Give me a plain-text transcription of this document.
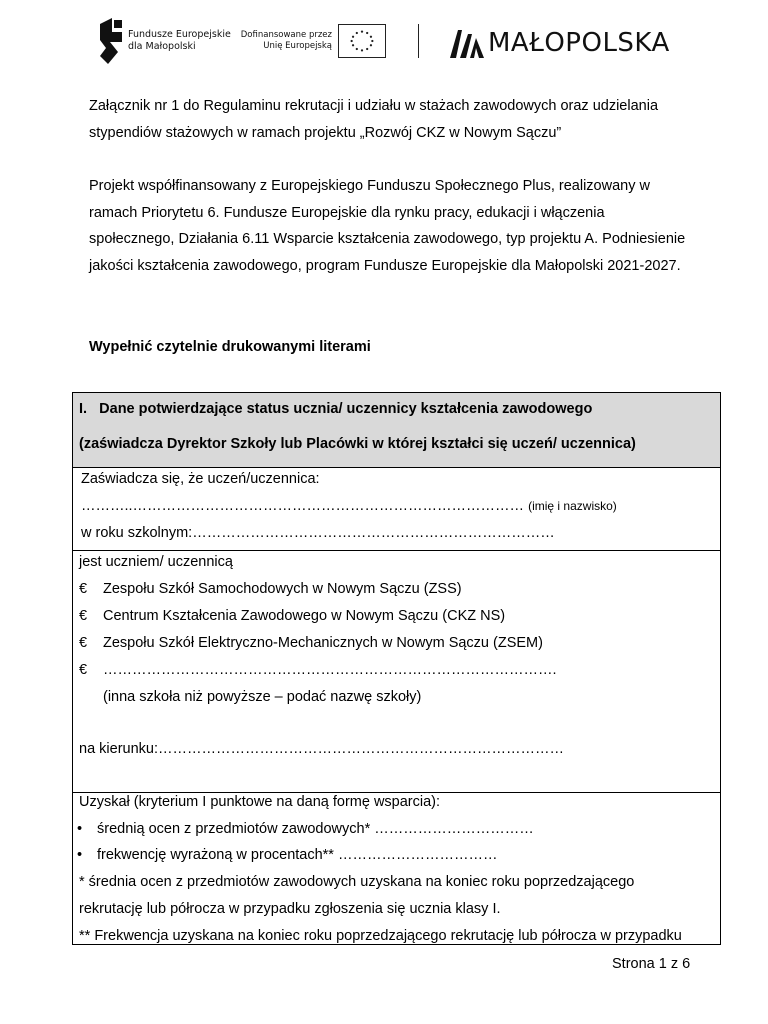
Fundusze Europejskie
dla Małopolski
Dofinansowane przez
Unię Europejską	MAŁOPOLSKA
Załącznik nr 1 do Regulaminu rekrutacji i udziału w stażach zawodowych oraz udzielania stypendiów stażowych w ramach projektu „Rozwój CKZ w Nowym Sączu”
Projekt współfinansowany z Europejskiego Funduszu Społecznego Plus, realizowany w ramach Priorytetu 6. Fundusze Europejskie dla rynku pracy, edukacji i włączenia społecznego, Działania 6.11 Wsparcie kształcenia zawodowego, typ projektu A. Podniesienie jakości kształcenia zawodowego, program Fundusze Europejskie dla Małopolski 2021-2027.
Wypełnić czytelnie drukowanymi literami
I. Dane potwierdzające status ucznia/ uczennicy kształcenia zawodowego
(zaświadcza Dyrektor Szkoły lub Placówki w której kształci się uczeń/ uczennica)
Zaświadcza się, że uczeń/uczennica:
………..……………………………………………………………………… (imię i nazwisko)
w roku szkolnym:…………………………………………………………………
jest uczniem/ uczennicą
€ Zespołu Szkół Samochodowych w Nowym Sączu (ZSS)
€ Centrum Kształcenia Zawodowego w Nowym Sączu (CKZ NS)
€ Zespołu Szkół Elektryczno-Mechanicznych w Nowym Sączu (ZSEM)
€ ………………………………………………………………………………….
(inna szkoła niż powyższe – podać nazwę szkoły)
na kierunku:…………………………………………………………………………
Uzyskał (kryterium I punktowe na daną formę wsparcia):
• średnią ocen z przedmiotów zawodowych* ……………………………
• frekwencję wyrażoną w procentach** ……………………………
* średnia ocen z przedmiotów zawodowych uzyskana na koniec roku poprzedzającego
rekrutację lub półrocza w przypadku zgłoszenia się ucznia klasy I.
** Frekwencja uzyskana na koniec roku poprzedzającego rekrutację lub półrocza w przypadku
Strona 1 z 6
